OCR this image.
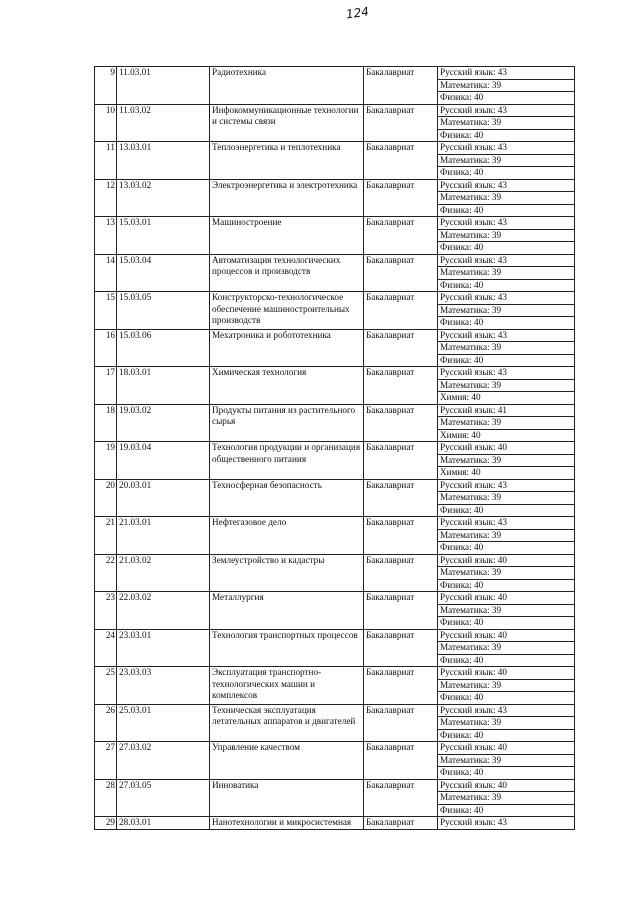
124
9	11.03.01	Радиотехника	Бакалавриат	Русский язык: 43
				Математика: 39
				Физика: 40
10	11.03.02	Инфокоммуникационные технологии и системы связи	Бакалавриат	Русский язык: 43
				Математика: 39
				Физика: 40
11	13.03.01	Теплоэнергетика и теплотехника	Бакалавриат	Русский язык: 43
				Математика: 39
				Физика: 40
12	13.03.02	Электроэнергетика и электротехника	Бакалавриат	Русский язык: 43
				Математика: 39
				Физика: 40
13	15.03.01	Машиностроение	Бакалавриат	Русский язык: 43
				Математика: 39
				Физика: 40
14	15.03.04	Автоматизация технологических процессов и производств	Бакалавриат	Русский язык: 43
				Математика: 39
				Физика: 40
15	15.03.05	Конструкторско-технологическое обеспечение машиностроительных производств	Бакалавриат	Русский язык: 43
				Математика: 39
				Физика: 40
16	15.03.06	Мехатроника и робототехника	Бакалавриат	Русский язык: 43
				Математика: 39
				Физика: 40
17	18.03.01	Химическая технология	Бакалавриат	Русский язык: 43
				Математика: 39
				Химия: 40
18	19.03.02	Продукты питания из растительного сырья	Бакалавриат	Русский язык: 41
				Математика: 39
				Химия: 40
19	19.03.04	Технология продукции и организация общественного питания	Бакалавриат	Русский язык: 40
				Математика: 39
				Химия: 40
20	20.03.01	Техносферная безопасность	Бакалавриат	Русский язык: 43
				Математика: 39
				Физика: 40
21	21.03.01	Нефтегазовое дело	Бакалавриат	Русский язык: 43
				Математика: 39
				Физика: 40
22	21.03.02	Землеустройство и кадастры	Бакалавриат	Русский язык: 40
				Математика: 39
				Физика: 40
23	22.03.02	Металлургия	Бакалавриат	Русский язык: 40
				Математика: 39
				Физика: 40
24	23.03.01	Технология транспортных процессов	Бакалавриат	Русский язык: 40
				Математика: 39
				Физика: 40
25	23.03.03	Эксплуатация транспортно-технологических машин и комплексов	Бакалавриат	Русский язык: 40
				Математика: 39
				Физика: 40
26	25.03.01	Техническая эксплуатация летательных аппаратов и двигателей	Бакалавриат	Русский язык: 43
				Математика: 39
				Физика: 40
27	27.03.02	Управление качеством	Бакалавриат	Русский язык: 40
				Математика: 39
				Физика: 40
28	27.03.05	Инноватика	Бакалавриат	Русский язык: 40
				Математика: 39
				Физика: 40
29	28.03.01	Нанотехнологии и микросистемная	Бакалавриат	Русский язык: 43
